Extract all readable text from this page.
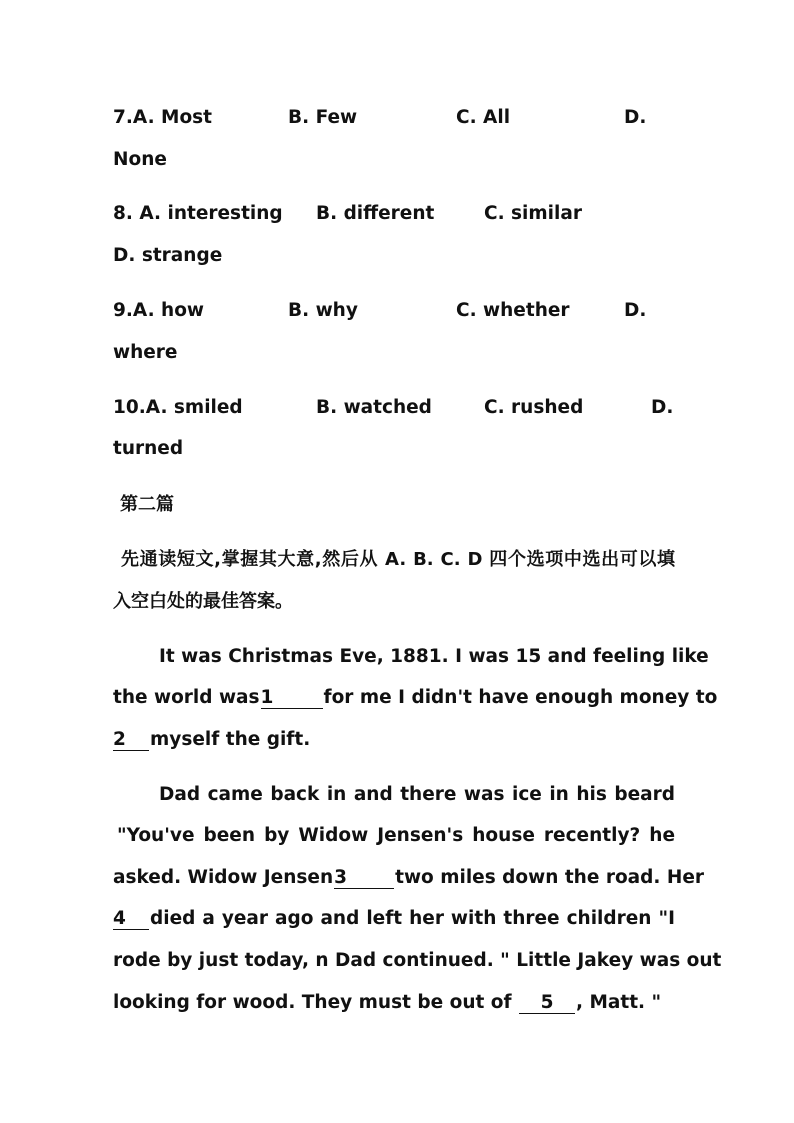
7.A. Most	B. Few	C. All	D.
None
8. A. interesting B. different	C. similar
D. strange
9.A. how	B. why	C. whether	D.
where
10.A. smiled	B. watched	C. rushed	D.
turned
第二篇
先通读短文,掌握其大意,然后从 A. B. C. D 四个选项中选出可以填
入空白处的最佳答案。
It was Christmas Eve, 1881. I was 15 and feeling like
the world was1	for me I didn't have enough money to
2 myself the gift.
Dad came back in and there was ice in his beard
"You've been by Widow Jensen's house recently? he
asked. Widow Jensen3	two miles down the road. Her
4 died a year ago and left her with three children "I
rode by just today, n Dad continued. " Little Jakey was out
looking for wood. They must be out of 5 , Matt. "
